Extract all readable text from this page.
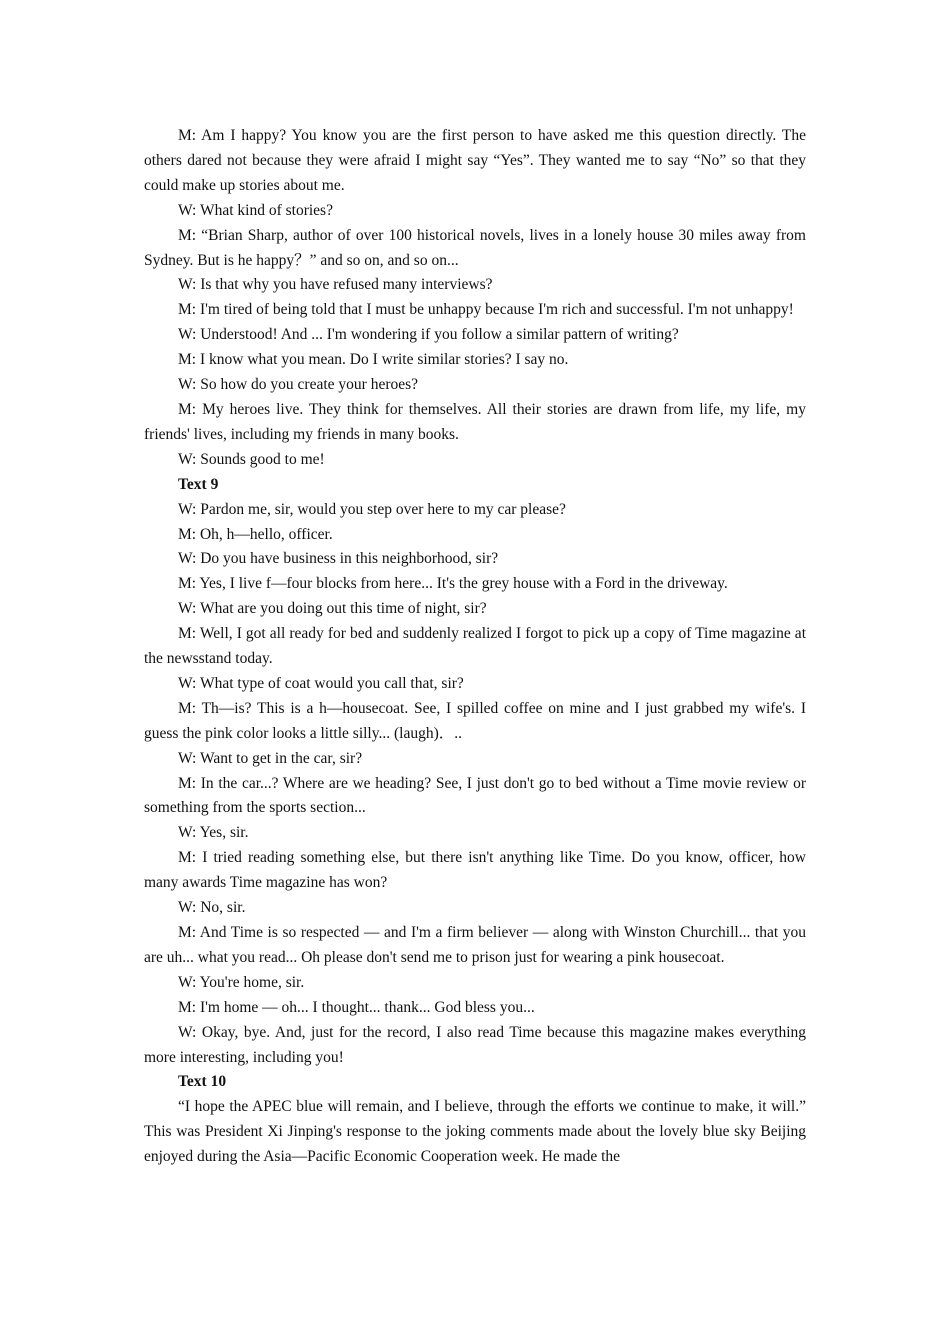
M: Am I happy? You know you are the first person to have asked me this question directly. The others dared not because they were afraid I might say “Yes”. They wanted me to say “No” so that they could make up stories about me.

W: What kind of stories?

M: “Brian Sharp, author of over 100 historical novels, lives in a lonely house 30 miles away from Sydney. But is he happy？” and so on, and so on...

W: Is that why you have refused many interviews?

M: I'm tired of being told that I must be unhappy because I'm rich and successful. I'm not unhappy!

W: Understood! And ... I'm wondering if you follow a similar pattern of writing?

M: I know what you mean. Do I write similar stories? I say no.

W: So how do you create your heroes?

M: My heroes live. They think for themselves. All their stories are drawn from life, my life, my friends' lives, including my friends in many books.

W: Sounds good to me!

Text 9

W: Pardon me, sir, would you step over here to my car please?

M: Oh, h—hello, officer.

W: Do you have business in this neighborhood, sir?

M: Yes, I live f—four blocks from here... It's the grey house with a Ford in the driveway.

W: What are you doing out this time of night, sir?

M: Well, I got all ready for bed and suddenly realized I forgot to pick up a copy of Time magazine at the newsstand today.

W: What type of coat would you call that, sir?

M: Th—is? This is a h—housecoat. See, I spilled coffee on mine and I just grabbed my wife's. I guess the pink color looks a little silly... (laugh)．..

W: Want to get in the car, sir?

M: In the car...? Where are we heading? See, I just don't go to bed without a Time movie review or something from the sports section...

W: Yes, sir.

M: I tried reading something else, but there isn't anything like Time. Do you know, officer, how many awards Time magazine has won?

W: No, sir.

M: And Time is so respected — and I'm a firm believer — along with Winston Churchill... that you are uh... what you read... Oh please don't send me to prison just for wearing a pink housecoat.

W: You're home, sir.

M: I'm home — oh... I thought... thank... God bless you...

W: Okay, bye. And, just for the record, I also read Time because this magazine makes everything more interesting, including you!

Text 10

“I hope the APEC blue will remain, and I believe, through the efforts we continue to make, it will.” This was President Xi Jinping's response to the joking comments made about the lovely blue sky Beijing enjoyed during the Asia—Pacific Economic Cooperation week. He made the
